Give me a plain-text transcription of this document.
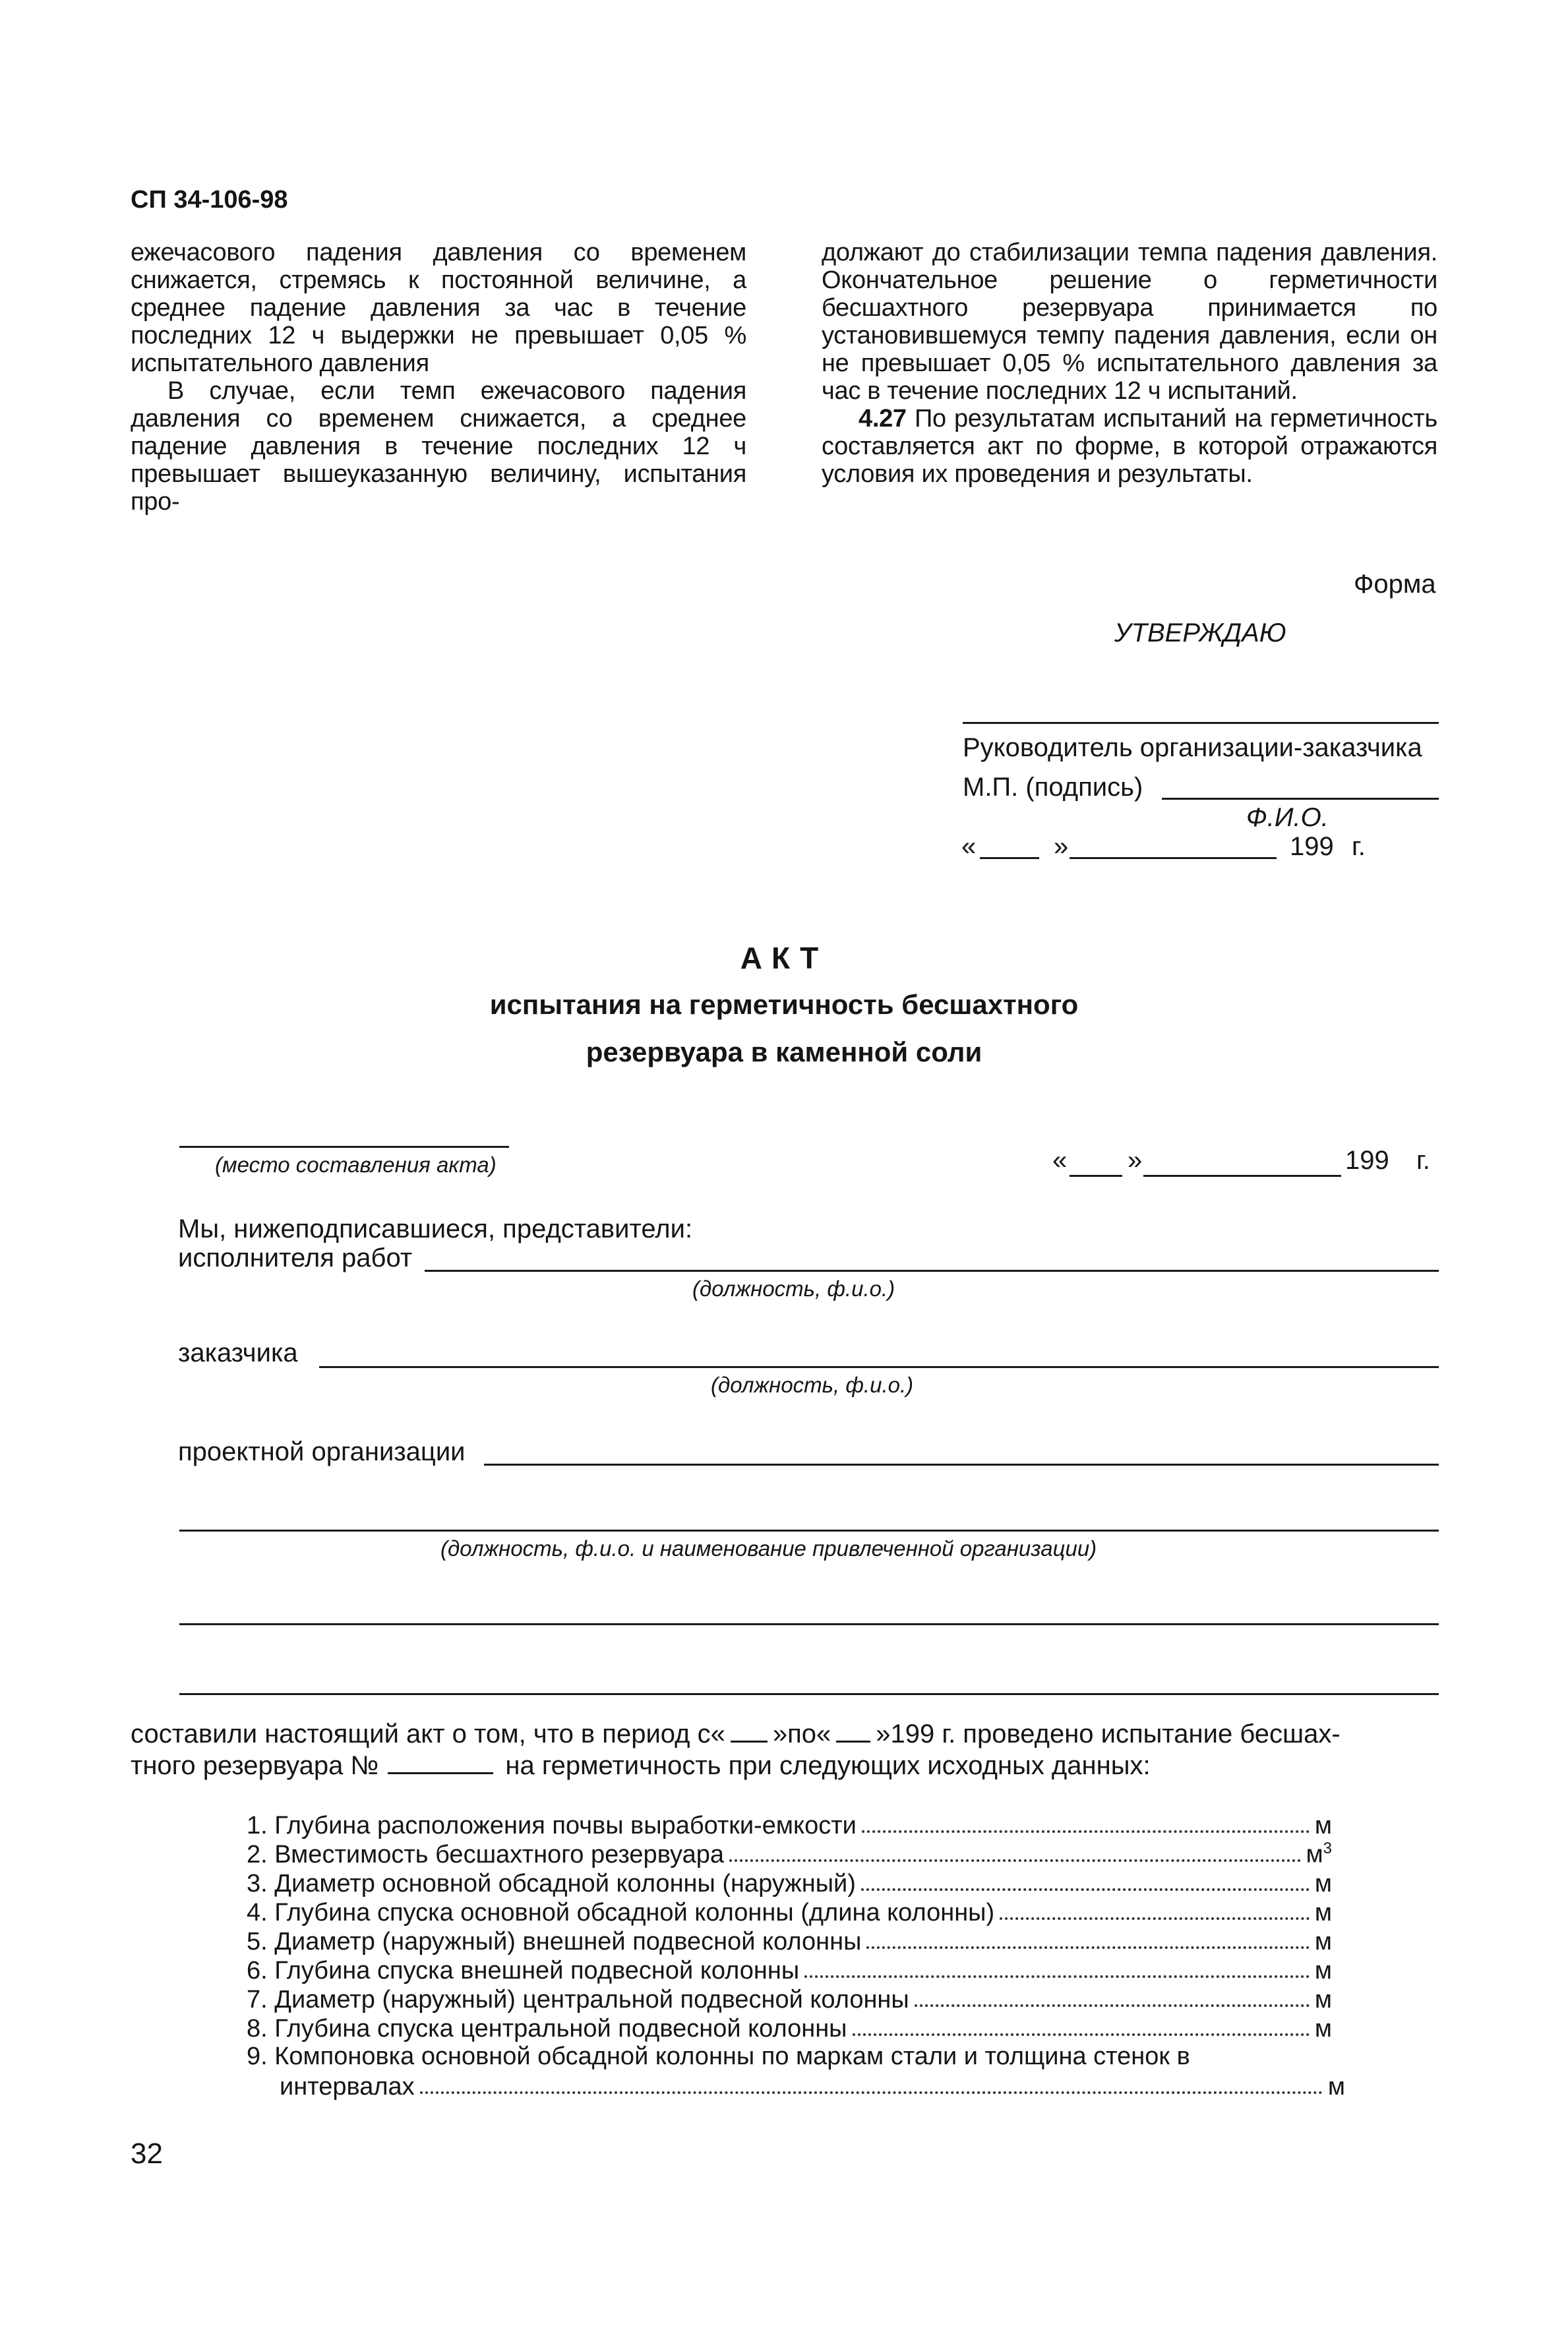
СП 34-106-98
ежечасового падения давления со временем снижается, стремясь к постоянной величине, а среднее падение давления за час в течение последних 12 ч выдержки не превышает 0,05 % испытательного давления
В случае, если темп ежечасового падения давления со временем снижается, а среднее падение давления в течение последних 12 ч превышает вышеуказанную величину, испытания про-
должают до стабилизации темпа падения давления. Окончательное решение о герметичности бесшахтного резервуара принимается по установившемуся темпу падения давления, если он не превышает 0,05 % испытательного давления за час в течение последних 12 ч испытаний.
4.27 По результатам испытаний на герметичность составляется акт по форме, в которой отражаются условия их проведения и результаты.
Форма
УТВЕРЖДАЮ
Руководитель организации-заказчика
М.П. (подпись)
Ф.И.О.
«	»	199 г.
АКТ
испытания на герметичность бесшахтного
резервуара в каменной соли
(место составления акта)	« »	199 г.
Мы, нижеподписавшиеся, представители:
исполнителя работ
(должность, ф.и.о.)
заказчика
(должность, ф.и.о.)
проектной организации
(должность, ф.и.о. и наименование привлеченной организации)
составили настоящий акт о том, что в период с« »по« »199 г. проведено испытание бесшах-
тного резервуара №	на герметичность при следующих исходных данных:
1.
Глубина расположения почвы выработки-емкости	м
2.
Вместимость бесшахтного резервуара	$м^3$
3.
Диаметр основной обсадной колонны (наружный)	м
4.
Глубина спуска основной обсадной колонны (длина колонны)	м
5.
Диаметр (наружный) внешней подвесной колонны	м
6.
Глубина спуска внешней подвесной колонны	м
7.
Диаметр (наружный) центральной подвесной колонны	м
8.
Глубина спуска центральной подвесной колонны	м
9. Компоновка основной обсадной колонны по маркам стали и толщина стенок в
интервалах	м
32
